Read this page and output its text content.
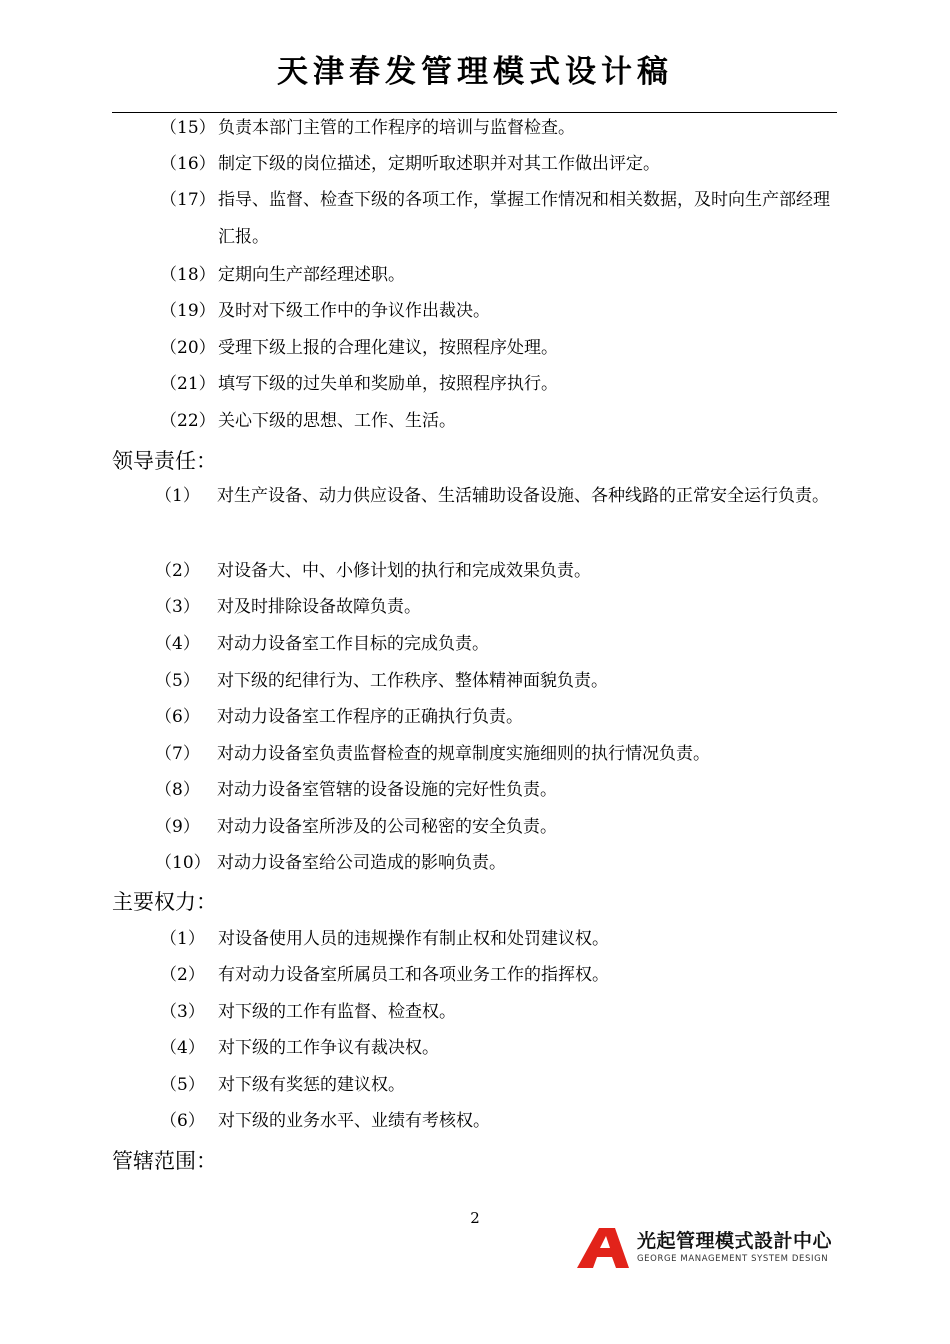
天津春发管理模式设计稿
（15） 负责本部门主管的工作程序的培训与监督检查。
（16） 制定下级的岗位描述，定期听取述职并对其工作做出评定。
（17） 指导、监督、检查下级的各项工作，掌握工作情况和相关数据，及时向生产部经理汇报。
（18） 定期向生产部经理述职。
（19） 及时对下级工作中的争议作出裁决。
（20） 受理下级上报的合理化建议，按照程序处理。
（21） 填写下级的过失单和奖励单，按照程序执行。
（22） 关心下级的思想、工作、生活。
领导责任：
（1） 对生产设备、动力供应设备、生活辅助设备设施、各种线路的正常安全运行负责。
（2） 对设备大、中、小修计划的执行和完成效果负责。
（3） 对及时排除设备故障负责。
（4） 对动力设备室工作目标的完成负责。
（5） 对下级的纪律行为、工作秩序、整体精神面貌负责。
（6） 对动力设备室工作程序的正确执行负责。
（7） 对动力设备室负责监督检查的规章制度实施细则的执行情况负责。
（8） 对动力设备室管辖的设备设施的完好性负责。
（9） 对动力设备室所涉及的公司秘密的安全负责。
（10） 对动力设备室给公司造成的影响负责。
主要权力：
（1） 对设备使用人员的违规操作有制止权和处罚建议权。
（2） 有对动力设备室所属员工和各项业务工作的指挥权。
（3） 对下级的工作有监督、检查权。
（4） 对下级的工作争议有裁决权。
（5） 对下级有奖惩的建议权。
（6） 对下级的业务水平、业绩有考核权。
管辖范围：
2
光起管理模式設計中心
GEORGE MANAGEMENT SYSTEM DESIGN
